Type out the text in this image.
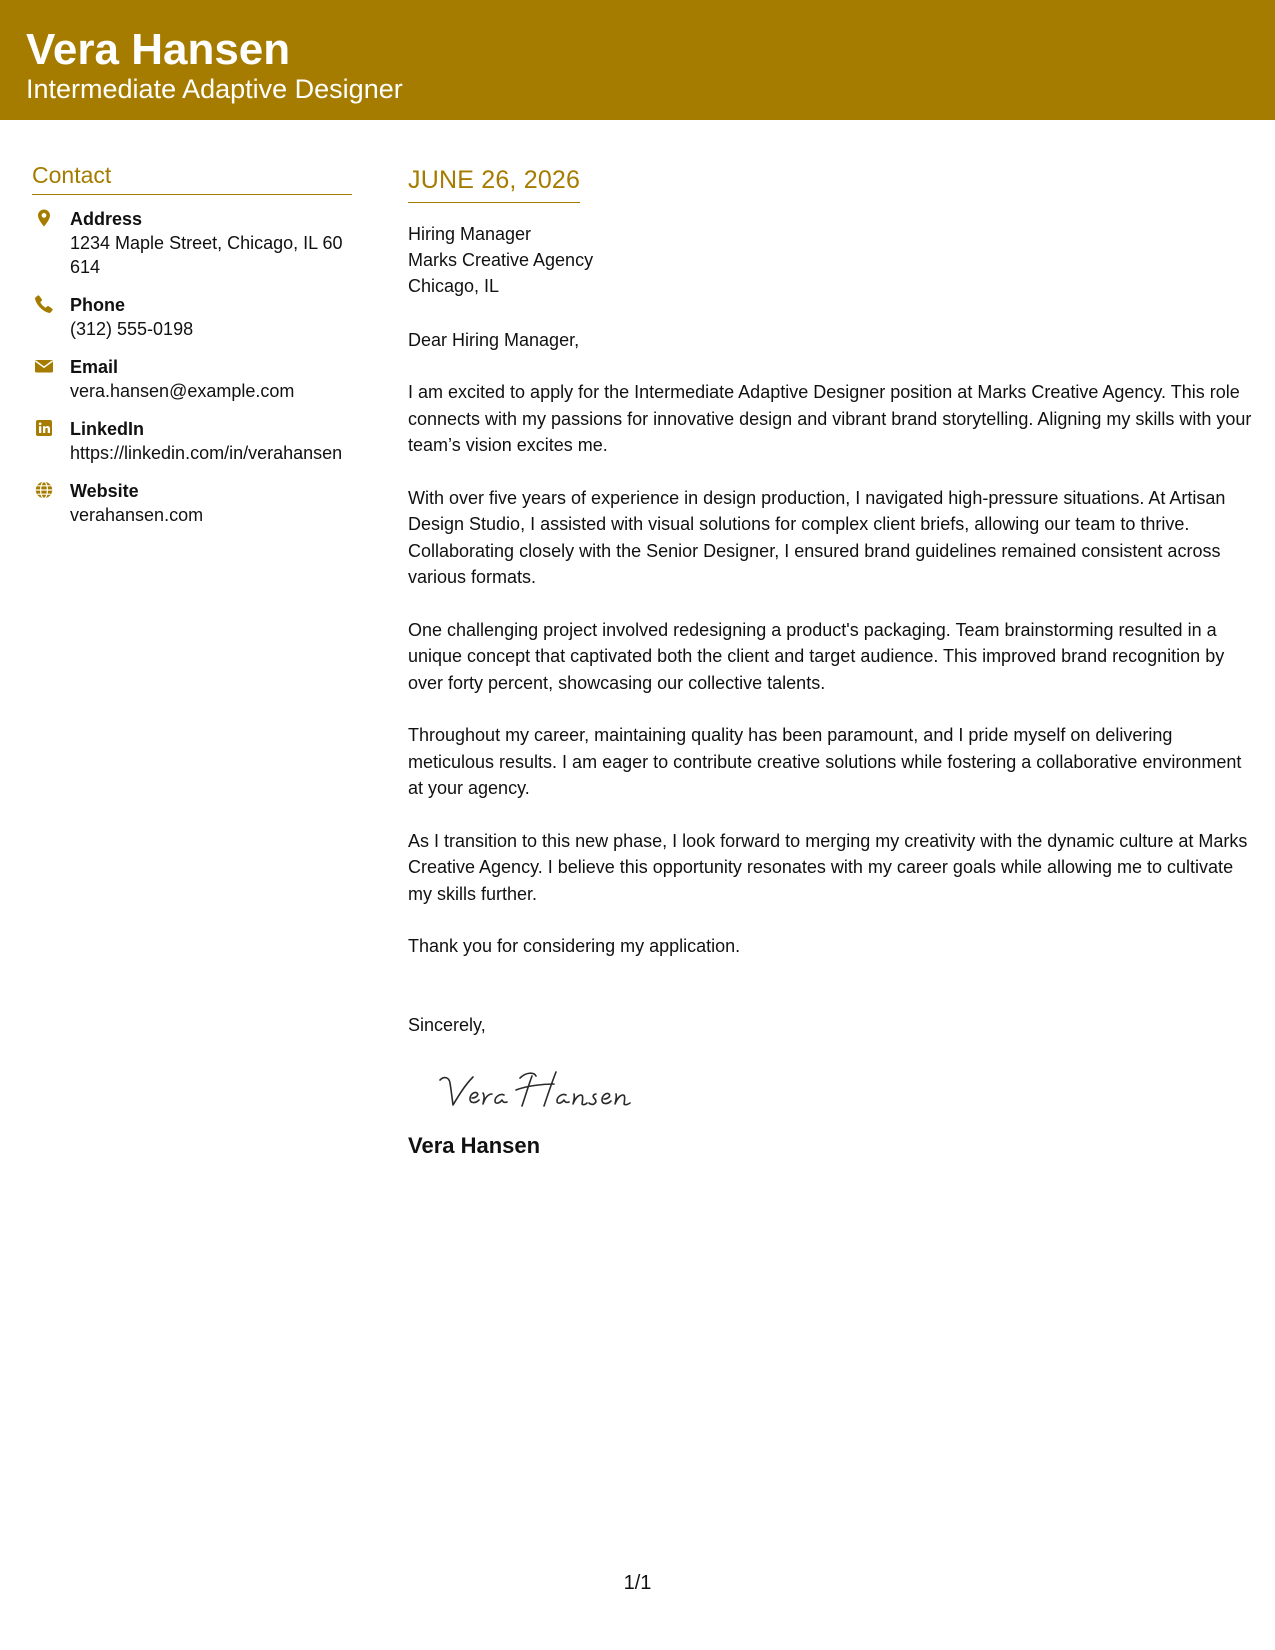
Vera Hansen
Intermediate Adaptive Designer
Contact
Address
1234 Maple Street, Chicago, IL 60614
Phone
(312) 555-0198
Email
vera.hansen@example.com
LinkedIn
https://linkedin.com/in/verahansen
Website
verahansen.com
JUNE 26, 2026
Hiring Manager
Marks Creative Agency
Chicago, IL
Dear Hiring Manager,
I am excited to apply for the Intermediate Adaptive Designer position at Marks Creative Agency. This role connects with my passions for innovative design and vibrant brand storytelling. Aligning my skills with your team’s vision excites me.
With over five years of experience in design production, I navigated high-pressure situations. At Artisan Design Studio, I assisted with visual solutions for complex client briefs, allowing our team to thrive. Collaborating closely with the Senior Designer, I ensured brand guidelines remained consistent across various formats.
One challenging project involved redesigning a product's packaging. Team brainstorming resulted in a unique concept that captivated both the client and target audience. This improved brand recognition by over forty percent, showcasing our collective talents.
Throughout my career, maintaining quality has been paramount, and I pride myself on delivering meticulous results. I am eager to contribute creative solutions while fostering a collaborative environment at your agency.
As I transition to this new phase, I look forward to merging my creativity with the dynamic culture at Marks Creative Agency. I believe this opportunity resonates with my career goals while allowing me to cultivate my skills further.
Thank you for considering my application.
Sincerely,
Vera Hansen
1/1
